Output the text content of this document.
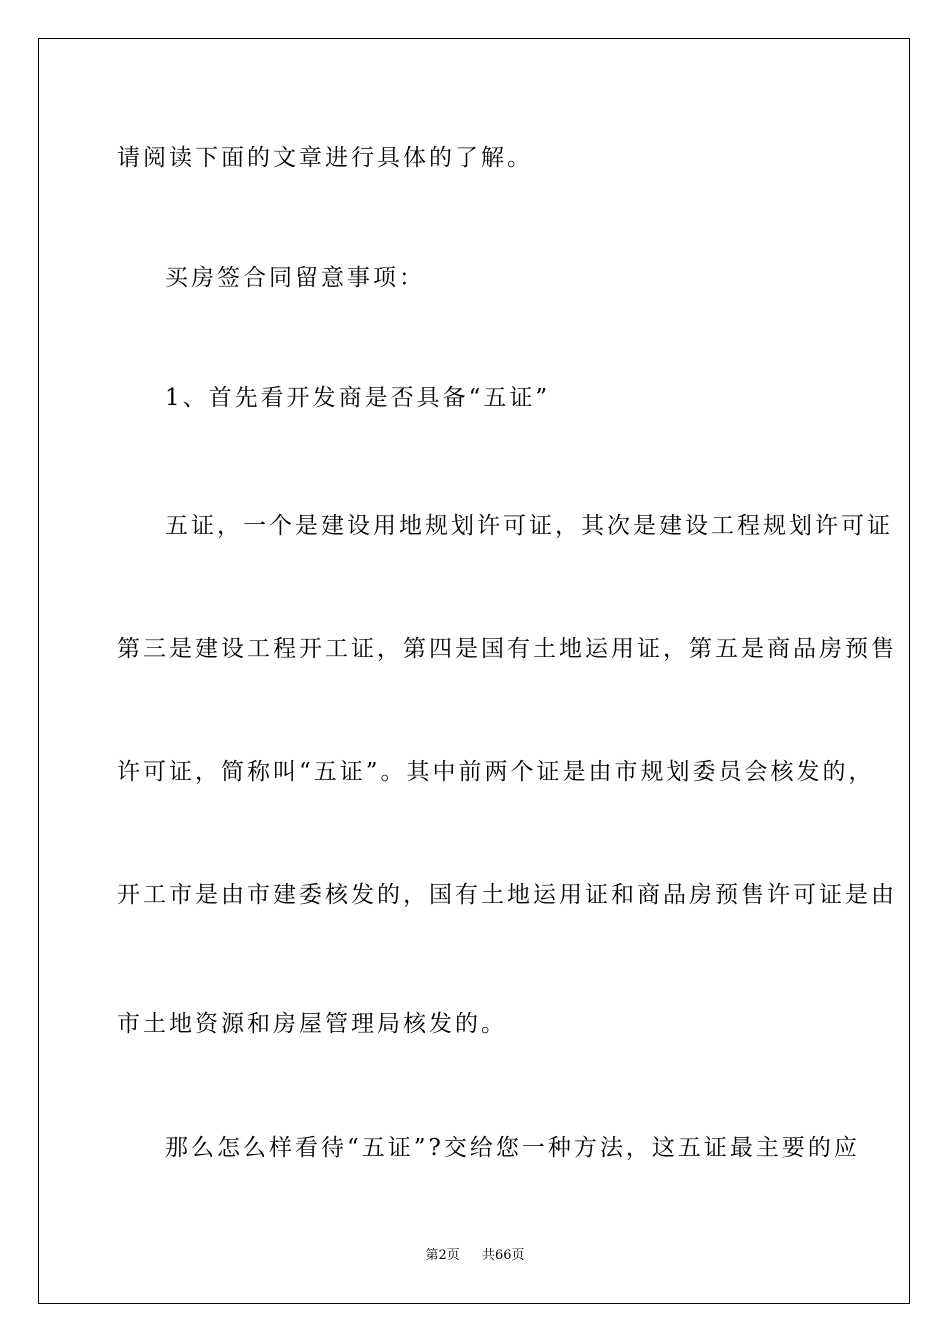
请阅读下面的文章进行具体的了解。
买房签合同留意事项：
1、首先看开发商是否具备“五证”
五证，一个是建设用地规划许可证，其次是建设工程规划许可证
第三是建设工程开工证，第四是国有土地运用证，第五是商品房预售
许可证，简称叫“五证”。其中前两个证是由市规划委员会核发的，
开工市是由市建委核发的，国有土地运用证和商品房预售许可证是由
市土地资源和房屋管理局核发的。
那么怎么样看待“五证”?交给您一种方法，这五证最主要的应
第2页 共66页
